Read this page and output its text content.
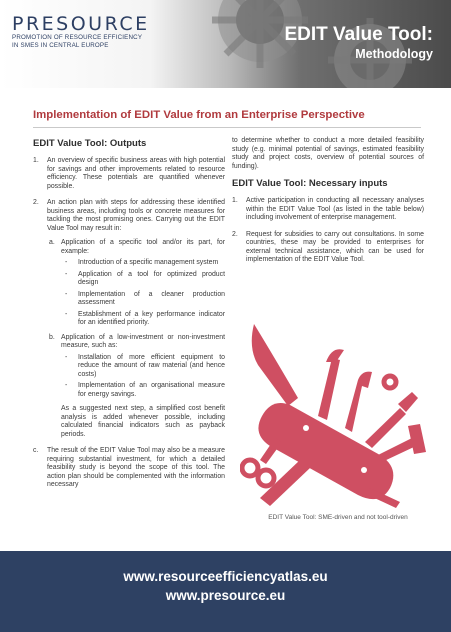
PRESOURCE
PROMOTION OF RESOURCE EFFICIENCY
IN SMES IN CENTRAL EUROPE	EDIT Value Tool:
Methodology
Implementation of EDIT Value from an Enterprise Perspective
EDIT Value Tool: Outputs
1. An overview of specific business areas with high potential for savings and other improvements related to resource efficiency. These potentials are quantified whenever possible.
2. An action plan with steps for addressing these identified business areas, including tools or concrete measures for tackling the most promising ones. Carrying out the EDIT Value Tool may result in:
a. Application of a specific tool and/or its part, for example:
- Introduction of a specific management system
- Application of a tool for optimized product design
- Implementation of a cleaner production assessment
- Establishment of a key performance indicator for an identified priority.
b. Application of a low-investment or non-investment measure, such as:
- Installation of more efficient equipment to reduce the amount of raw material (and hence costs)
- Implementation of an organisational measure for energy savings.
As a suggested next step, a simplified cost benefit analysis is added whenever possible, including calculated financial indicators such as payback periods.
c. The result of the EDIT Value Tool may also be a measure requiring substantial investment, for which a detailed feasibility study is beyond the scope of this tool. The action plan should be complemented with the information necessary
to determine whether to conduct a more detailed feasibility study (e.g. minimal potential of savings, estimated feasibility study and project costs, overview of potential sources of funding).
EDIT Value Tool: Necessary inputs
1. Active participation in conducting all necessary analyses within the EDIT Value Tool (as listed in the table below) including involvement of enterprise management.
2. Request for subsidies to carry out consultations. In some countries, these may be provided to enterprises for external technical assistance, which can be used for implementation of the EDIT Value Tool.
EDIT Value Tool: SME-driven and not tool-driven
www.resourceefficiencyatlas.eu
www.presource.eu
